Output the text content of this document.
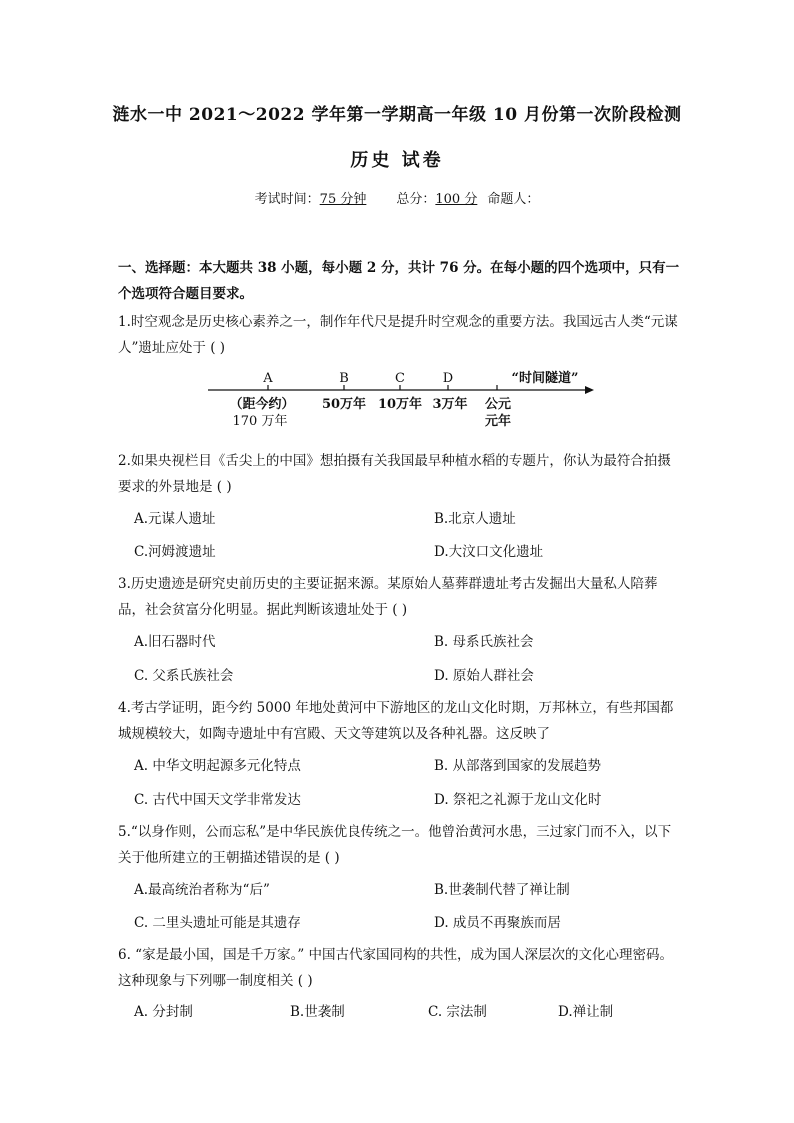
涟水一中 2021～2022 学年第一学期高一年级 10 月份第一次阶段检测
历史 试卷
考试时间：75 分钟 总分：100 分 命题人：
一、选择题：本大题共 38 小题，每小题 2 分，共计 76 分。在每小题的四个选项中，只有一个选项符合题目要求。
1.时空观念是历史核心素养之一，制作年代尺是提升时空观念的重要方法。我国远古人类“元谋人”遗址应处于 ( )
A	B	C	D	“时间隧道”
（距今约）
170 万年
50万年 10万年 3万年 公元
元年
2.如果央视栏目《舌尖上的中国》想拍摄有关我国最早种植水稻的专题片，你认为最符合拍摄要求的外景地是 ( )
A.元谋人遗址	B.北京人遗址
C.河姆渡遗址	D.大汶口文化遗址
3.历史遗迹是研究史前历史的主要证据来源。某原始人墓葬群遗址考古发掘出大量私人陪葬品，社会贫富分化明显。据此判断该遗址处于 ( )
A.旧石器时代	B. 母系氏族社会
C. 父系氏族社会	D. 原始人群社会
4.考古学证明，距今约 5000 年地处黄河中下游地区的龙山文化时期，万邦林立，有些邦国都城规模较大，如陶寺遗址中有宫殿、天文等建筑以及各种礼器。这反映了
A. 中华文明起源多元化特点	B. 从部落到国家的发展趋势
C. 古代中国天文学非常发达	D. 祭祀之礼源于龙山文化时
5.“以身作则，公而忘私”是中华民族优良传统之一。他曾治黄河水患，三过家门而不入，以下关于他所建立的王朝描述错误的是 ( )
A.最高统治者称为“后”	B.世袭制代替了禅让制
C. 二里头遗址可能是其遗存	D. 成员不再聚族而居
6. “家是最小国，国是千万家。” 中国古代家国同构的共性，成为国人深层次的文化心理密码。这种现象与下列哪一制度相关 ( )
A. 分封制	B.世袭制	C. 宗法制	D.禅让制
